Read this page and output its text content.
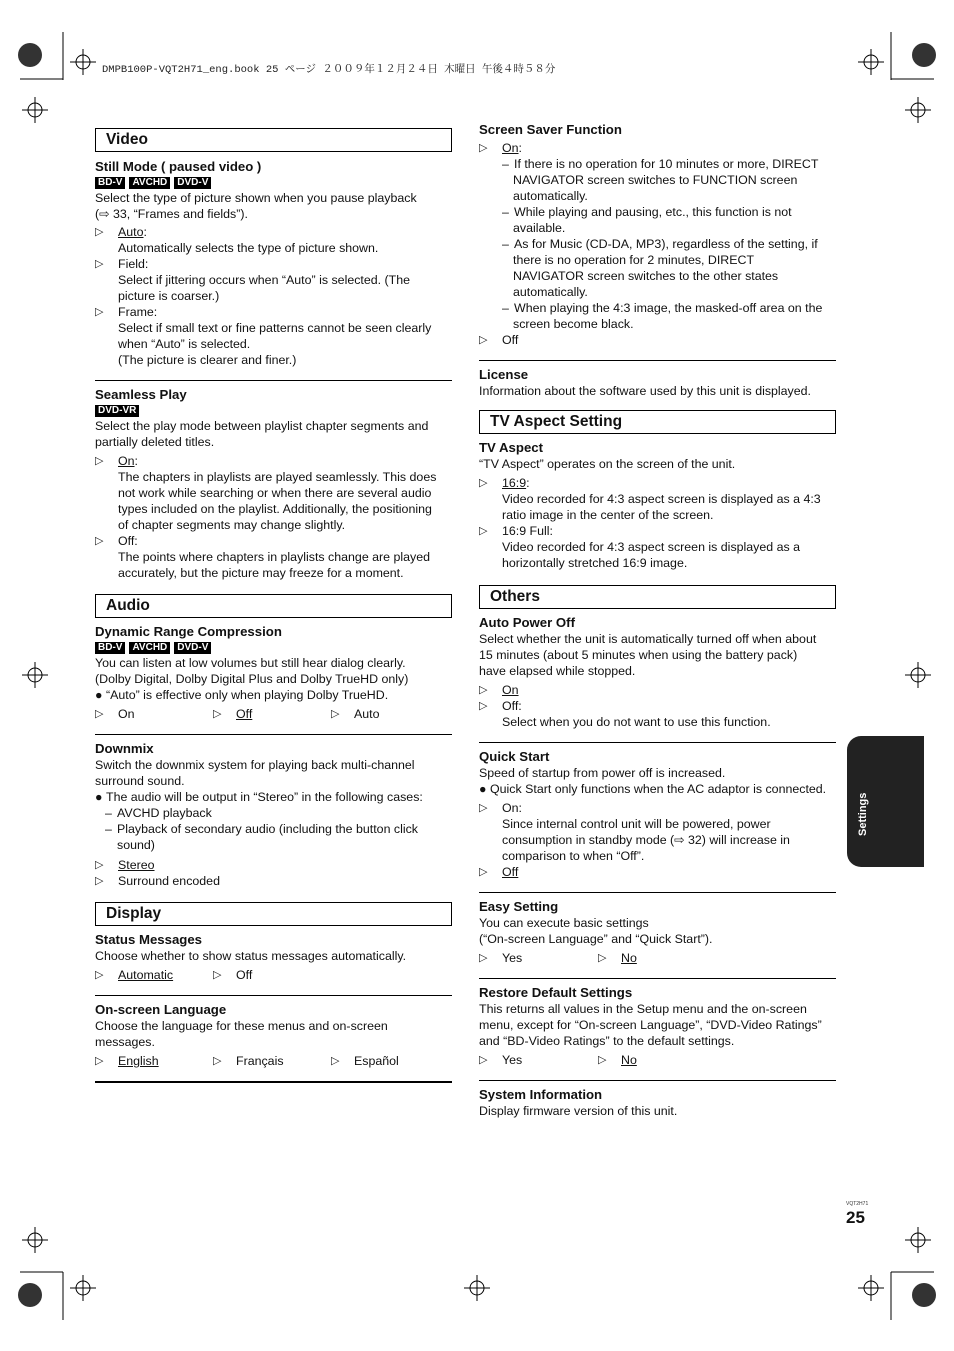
DMPB100P-VQT2H71_eng.book 25 ページ ２００９年１２月２４日 木曜日 午後４時５８分
Video

Still Mode ( paused video )

BD-V	AVCHD	DVD-V

Select the type of picture shown when you pause playback

(⇨ 33, “Frames and fields”).

▷	Auto:
Automatically selects the type of picture shown.
▷	Field:
Select if jittering occurs when “Auto” is selected. (The
picture is coarser.)
▷	Frame:
Select if small text or fine patterns cannot be seen clearly
when “Auto” is selected.
(The picture is clearer and finer.)

Seamless Play

DVD-VR

Select the play mode between playlist chapter segments and

partially deleted titles.

▷	On:
The chapters in playlists are played seamlessly. This does
not work while searching or when there are several audio
types included on the playlist. Additionally, the positioning
of chapter segments may change slightly.
▷	Off:
The points where chapters in playlists change are played
accurately, but the picture may freeze for a moment.
Audio

Dynamic Range Compression

BD-V	AVCHD	DVD-V

You can listen at low volumes but still hear dialog clearly.

(Dolby Digital, Dolby Digital Plus and Dolby TrueHD only)

● “Auto” is effective only when playing Dolby TrueHD.
▷	On	▷	Off	▷	Auto

Downmix

Switch the downmix system for playing back multi-channel

surround sound.

● The audio will be output in “Stereo” in the following cases:
– AVCHD playback
– Playback of secondary audio (including the button click
sound)
▷	Stereo
▷	Surround encoded
Display

Status Messages

Choose whether to show status messages automatically.

▷	Automatic	▷	Off

On-screen Language

Choose the language for these menus and on-screen

messages.

▷	English	▷	Français	▷	Español

Screen Saver Function

▷	On:
– If there is no operation for 10 minutes or more, DIRECT
NAVIGATOR screen switches to FUNCTION screen
automatically.
– While playing and pausing, etc., this function is not
available.
– As for Music (CD-DA, MP3), regardless of the setting, if
there is no operation for 2 minutes, DIRECT
NAVIGATOR screen switches to the other states
automatically.
– When playing the 4:3 image, the masked-off area on the
screen become black.
▷	Off

License

Information about the software used by this unit is displayed.

TV Aspect Setting

TV Aspect

“TV Aspect” operates on the screen of the unit.

▷	16:9:
Video recorded for 4:3 aspect screen is displayed as a 4:3
ratio image in the center of the screen.
▷	16:9 Full:
Video recorded for 4:3 aspect screen is displayed as a
horizontally stretched 16:9 image.
Others

Auto Power Off

Select whether the unit is automatically turned off when about

15 minutes (about 5 minutes when using the battery pack)

have elapsed while stopped.

▷	On
▷	Off:
Select when you do not want to use this function.

Quick Start

Speed of startup from power off is increased.

● Quick Start only functions when the AC adaptor is connected.
▷	On:
Since internal control unit will be powered, power
consumption in standby mode (⇨ 32) will increase in
comparison to when “Off”.
▷	Off

Easy Setting

You can execute basic settings

(“On-screen Language” and “Quick Start”).

▷	Yes	▷	No

Restore Default Settings

This returns all values in the Setup menu and the on-screen

menu, except for “On-screen Language”, “DVD-Video Ratings”

and “BD-Video Ratings” to the default settings.

▷	Yes	▷	No

System Information

Display firmware version of this unit.

Settings
VQT2H71
25
